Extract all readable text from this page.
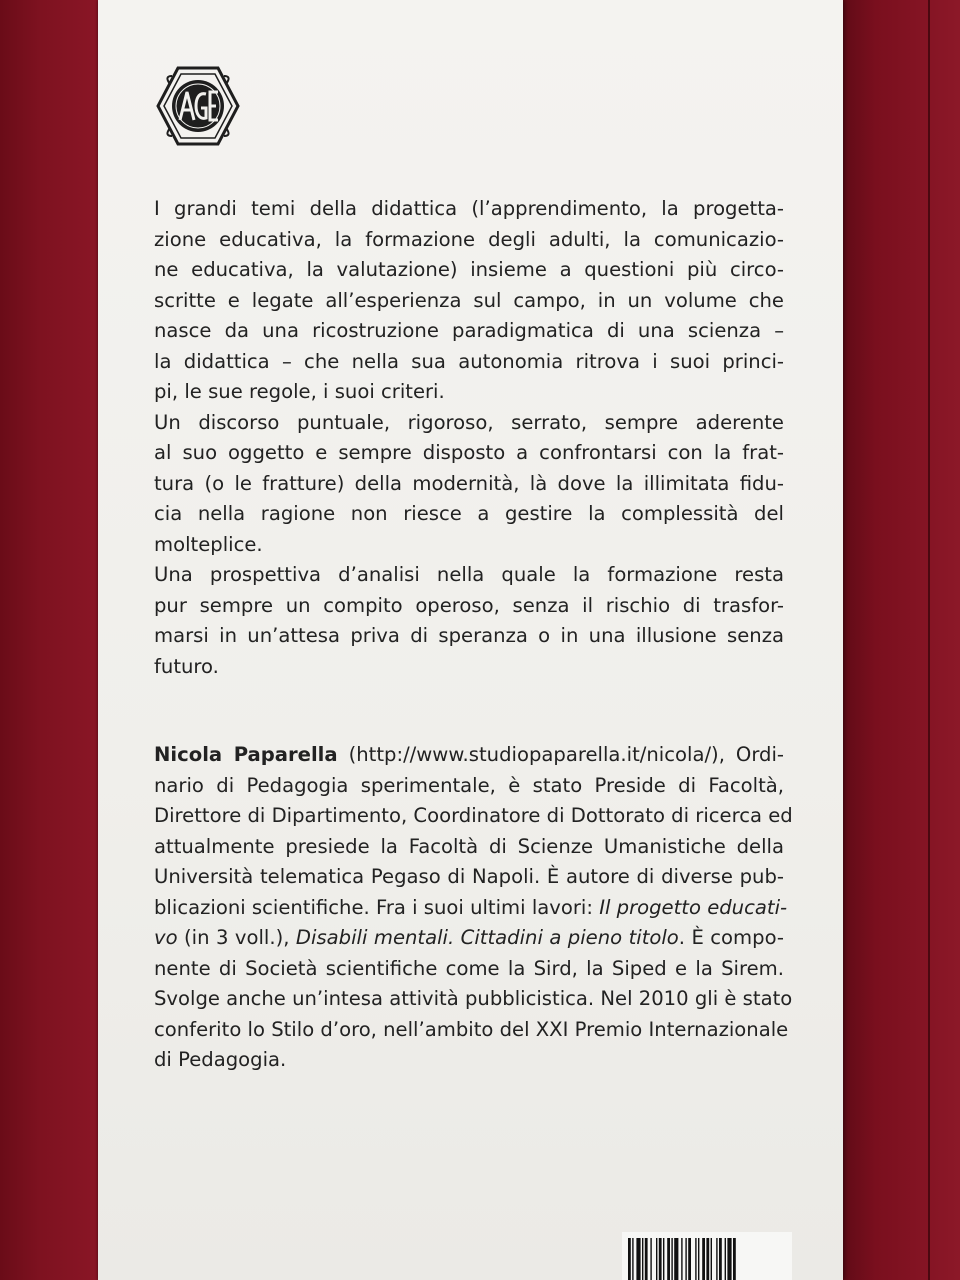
I grandi temi della didattica (l’apprendimento, la progetta-
zione educativa, la formazione degli adulti, la comunicazio-
ne educativa, la valutazione) insieme a questioni più circo-
scritte e legate all’esperienza sul campo, in un volume che
nasce da una ricostruzione paradigmatica di una scienza –
la didattica – che nella sua autonomia ritrova i suoi princi-
pi, le sue regole, i suoi criteri.
Un discorso puntuale, rigoroso, serrato, sempre aderente
al suo oggetto e sempre disposto a confrontarsi con la frat-
tura (o le fratture) della modernità, là dove la illimitata fidu-
cia nella ragione non riesce a gestire la complessità del
molteplice.
Una prospettiva d’analisi nella quale la formazione resta
pur sempre un compito operoso, senza il rischio di trasfor-
marsi in un’attesa priva di speranza o in una illusione senza
futuro.
Nicola Paparella (http://www.studiopaparella.it/nicola/), Ordi-
nario di Pedagogia sperimentale, è stato Preside di Facoltà,
Direttore di Dipartimento, Coordinatore di Dottorato di ricerca ed
attualmente presiede la Facoltà di Scienze Umanistiche della
Università telematica Pegaso di Napoli. È autore di diverse pub-
blicazioni scientifiche. Fra i suoi ultimi lavori: Il progetto educati-
vo (in 3 voll.), Disabili mentali. Cittadini a pieno titolo. È compo-
nente di Società scientifiche come la Sird, la Siped e la Sirem.
Svolge anche un’intesa attività pubblicistica. Nel 2010 gli è stato
conferito lo Stilo d’oro, nell’ambito del XXI Premio Internazionale
di Pedagogia.
